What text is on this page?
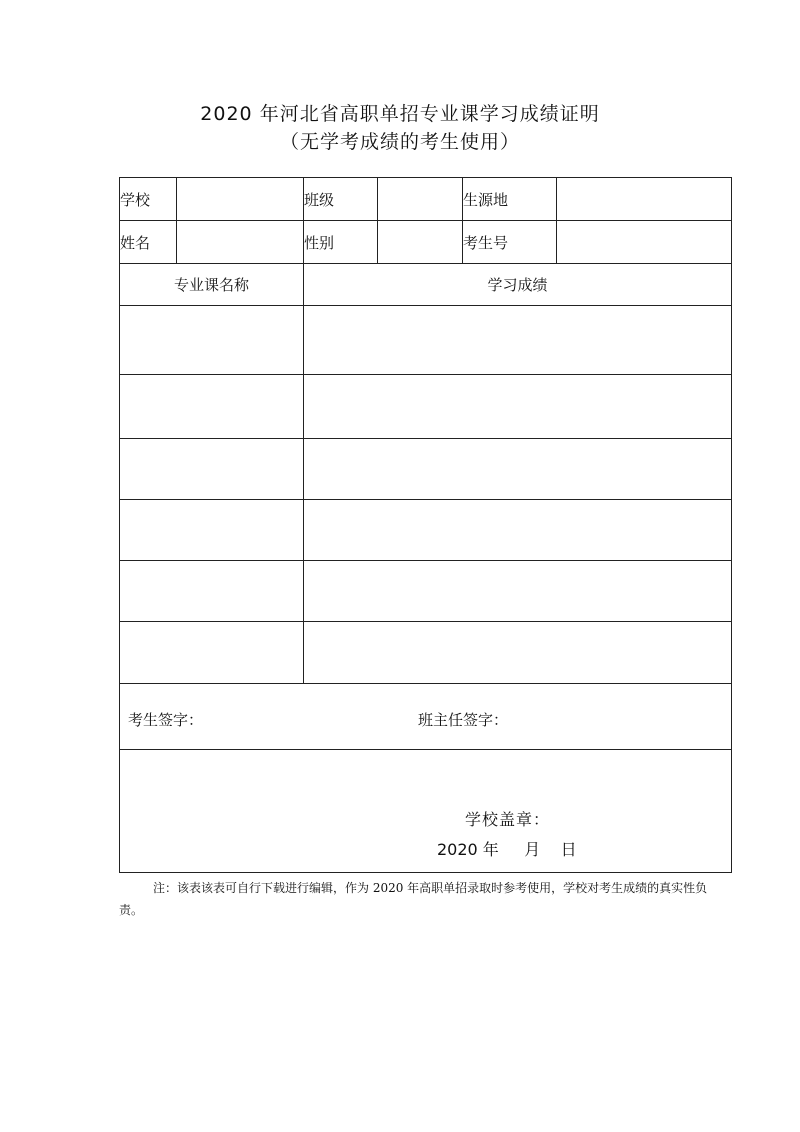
2020 年河北省高职单招专业课学习成绩证明
（无学考成绩的考生使用）
学校		班级		生源地	
姓名		性别		考生号	
专业课名称		学习成绩			

考生签字： 班主任签字：					

学校盖章：
2020 年     月    日					
注：该表该表可自行下载进行编辑，作为 2020 年高职单招录取时参考使用，学校对考生成绩的真实性负责。
